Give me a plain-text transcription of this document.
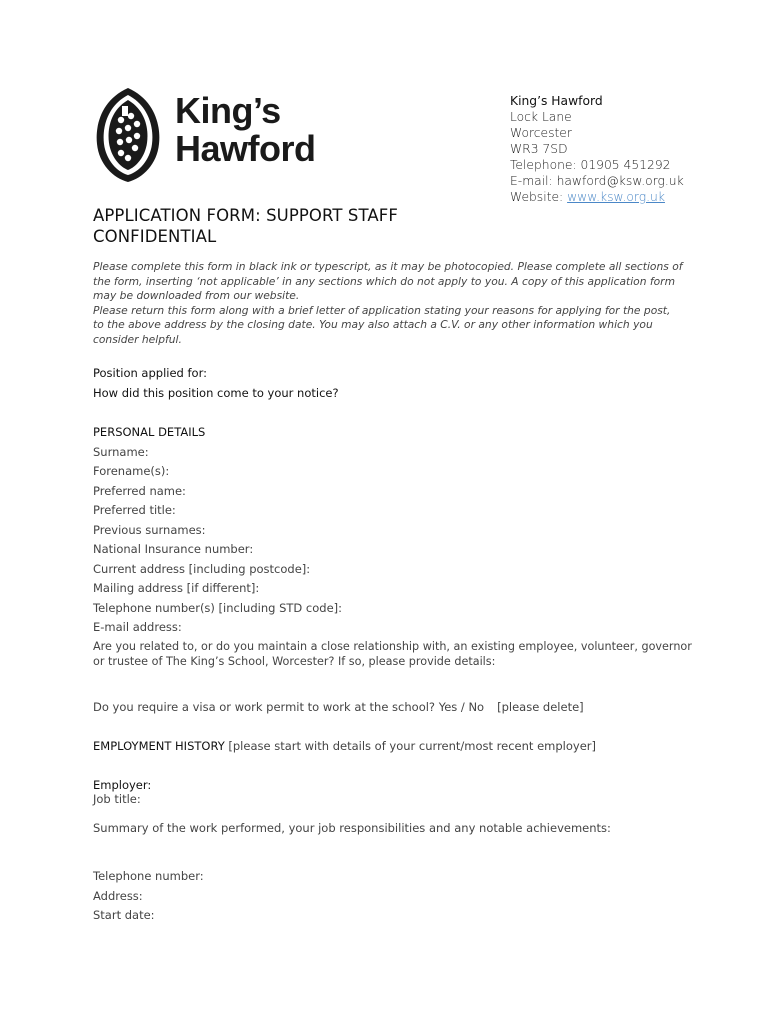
King’s
Hawford
King’s Hawford
Lock Lane
Worcester
WR3 7SD
Telephone: 01905 451292
E-mail: hawford@ksw.org.uk
Website: www.ksw.org.uk
APPLICATION FORM: SUPPORT STAFF
CONFIDENTIAL

Please complete this form in black ink or typescript, as it may be photocopied. Please complete all sections of the form, inserting ‘not applicable’ in any sections which do not apply to you. A copy of this application form may be downloaded from our website.

Please return this form along with a brief letter of application stating your reasons for applying for the post, to the above address by the closing date. You may also attach a C.V. or any other information which you consider helpful.

Position applied for:
How did this position come to your notice?
PERSONAL DETAILS
Surname:
Forename(s):
Preferred name:
Preferred title:
Previous surnames:
National Insurance number:
Current address [including postcode]:
Mailing address [if different]:
Telephone number(s) [including STD code]:
E-mail address:
Are you related to, or do you maintain a close relationship with, an existing employee, volunteer, governor
or trustee of The King’s School, Worcester? If so, please provide details:
Do you require a visa or work permit to work at the school? Yes / No [please delete]
EMPLOYMENT HISTORY [please start with details of your current/most recent employer]
Employer:
Job title:
Summary of the work performed, your job responsibilities and any notable achievements:
Telephone number:
Address:
Start date:
